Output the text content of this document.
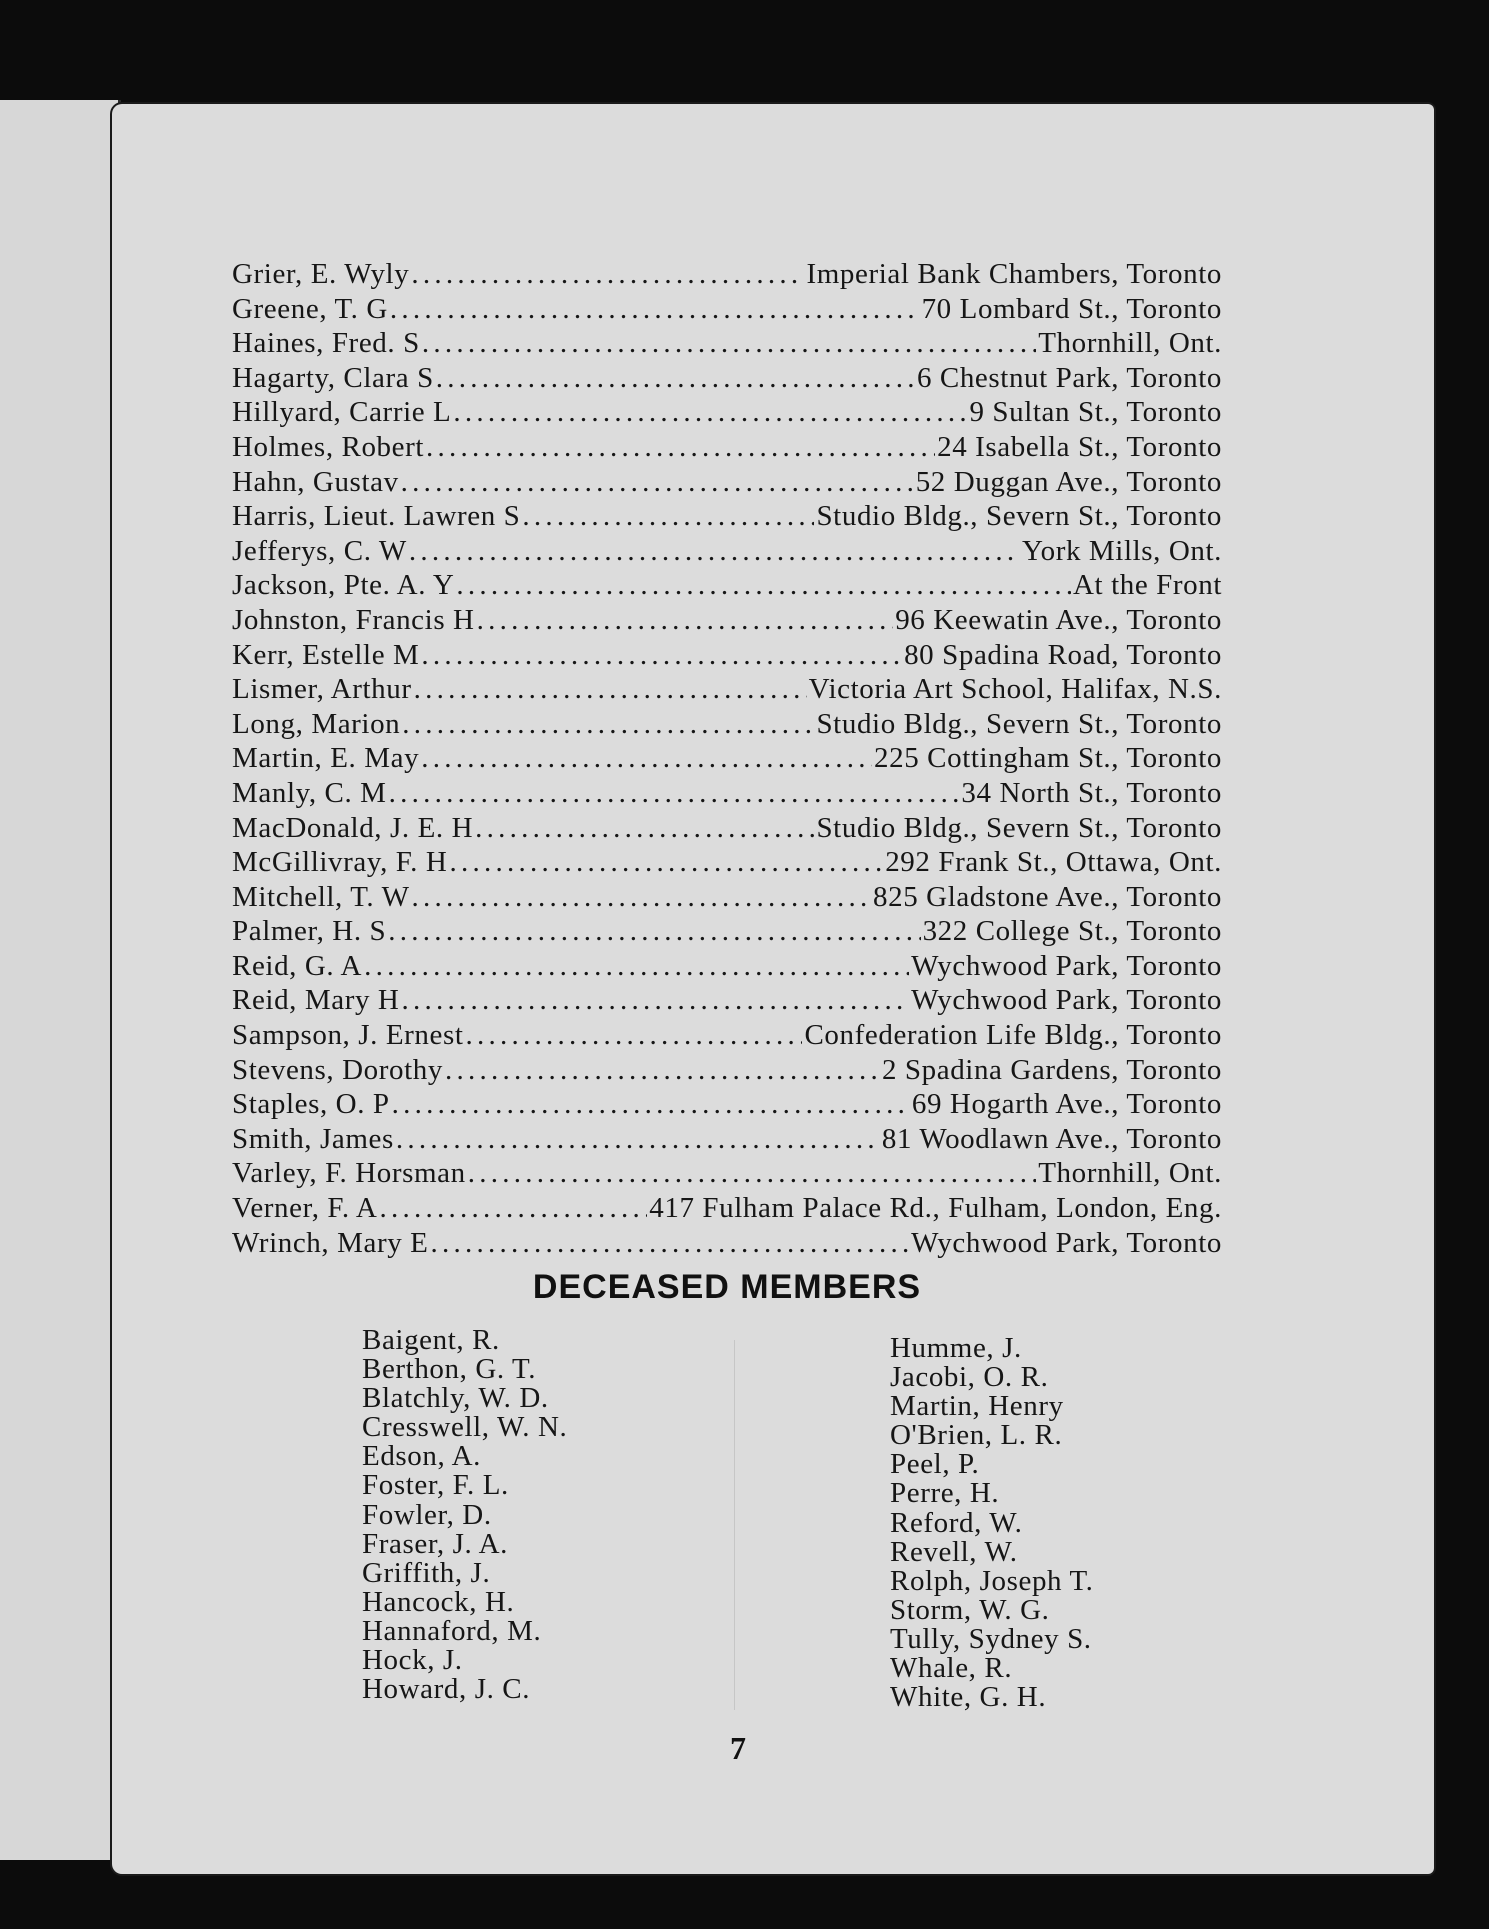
Grier, E. Wyly . . .	Imperial Bank Chambers, Toronto
Greene, T. G . . .	70 Lombard St., Toronto
Haines, Fred. S . . .	Thornhill, Ont.
Hagarty, Clara S . . .	6 Chestnut Park, Toronto
Hillyard, Carrie L . . .	9 Sultan St., Toronto
Holmes, Robert . . .	24 Isabella St., Toronto
Hahn, Gustav . . .	52 Duggan Ave., Toronto
Harris, Lieut. Lawren S . . .	Studio Bldg., Severn St., Toronto
Jefferys, C. W . . .	York Mills, Ont.
Jackson, Pte. A. Y . . .	At the Front
Johnston, Francis H . . .	96 Keewatin Ave., Toronto
Kerr, Estelle M . . .	80 Spadina Road, Toronto
Lismer, Arthur . . .	Victoria Art School, Halifax, N.S.
Long, Marion . . .	Studio Bldg., Severn St., Toronto
Martin, E. May . . .	225 Cottingham St., Toronto
Manly, C. M . . .	34 North St., Toronto
MacDonald, J. E. H . . .	Studio Bldg., Severn St., Toronto
McGillivray, F. H . . .	292 Frank St., Ottawa, Ont.
Mitchell, T. W . . .	825 Gladstone Ave., Toronto
Palmer, H. S . . .	322 College St., Toronto
Reid, G. A . . .	Wychwood Park, Toronto
Reid, Mary H . . .	Wychwood Park, Toronto
Sampson, J. Ernest . . .	Confederation Life Bldg., Toronto
Stevens, Dorothy . . .	2 Spadina Gardens, Toronto
Staples, O. P . . .	69 Hogarth Ave., Toronto
Smith, James . . .	81 Woodlawn Ave., Toronto
Varley, F. Horsman . . .	Thornhill, Ont.
Verner, F. A . . .	417 Fulham Palace Rd., Fulham, London, Eng.
Wrinch, Mary E . . .	Wychwood Park, Toronto
DECEASED MEMBERS
Baigent, R.
Berthon, G. T.
Blatchly, W. D.
Cresswell, W. N.
Edson, A.
Foster, F. L.
Fowler, D.
Fraser, J. A.
Griffith, J.
Hancock, H.
Hannaford, M.
Hock, J.
Howard, J. C.
Humme, J.
Jacobi, O. R.
Martin, Henry
O'Brien, L. R.
Peel, P.
Perre, H.
Reford, W.
Revell, W.
Rolph, Joseph T.
Storm, W. G.
Tully, Sydney S.
Whale, R.
White, G. H.

7
